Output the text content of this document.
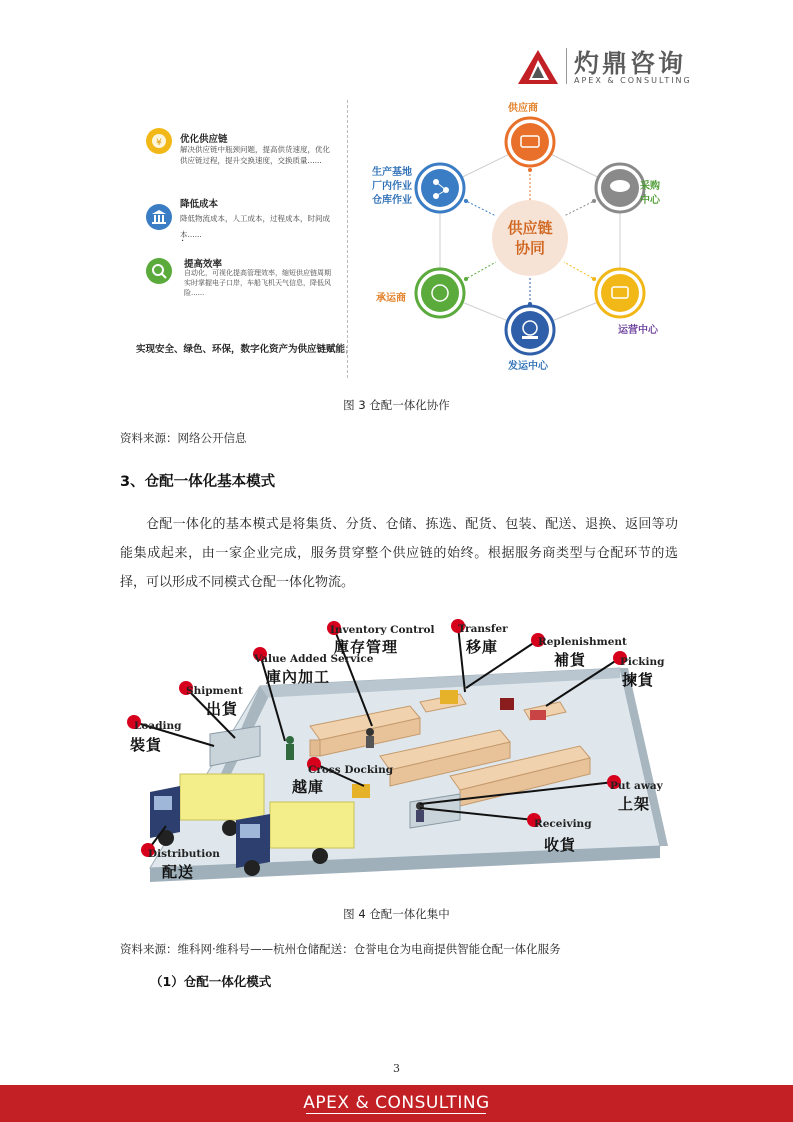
灼鼎咨询
APEX & CONSULTING
¥ 优化供应链
解决供应链中瓶颈问题，提高供货速度，优化供应链过程，提升交换速度，交换质量......
降低成本
降低物流成本，人工成本，过程成本，时间成本......
·
提高效率
自动化，可视化提高管理效率，缩短供应链周期 实时掌握电子口岸，车船飞机天气信息，降低风险......
实现安全、绿色、环保，数字化资产为供应链赋能；
供应链
协同
供应商
生产基地
厂内作业
仓库作业
采购
中心
承运商
运营中心
发运中心
图 3 仓配一体化协作
资料来源：网络公开信息
3、仓配一体化基本模式

仓配一体化的基本模式是将集货、分货、仓储、拣选、配货、包装、配送、退换、返回等功能集成起来，由一家企业完成，服务贯穿整个供应链的始终。根据服务商类型与仓配环节的选择，可以形成不同模式仓配一体化物流。

Inventory Control
庫存管理
Transfer
移庫	Replenishment
補貨	Picking
揀貨
Value Added Service
庫內加工
Shipment
出貨
Loading
裝貨
Cross Docking
越庫	Put away
上架
Receiving
收貨
Distribution
配送
图 4 仓配一体化集中
资料来源：维科网·维科号——杭州仓储配送：仓誉电仓为电商提供智能仓配一体化服务
（1）仓配一体化模式
3
APEX & CONSULTING
